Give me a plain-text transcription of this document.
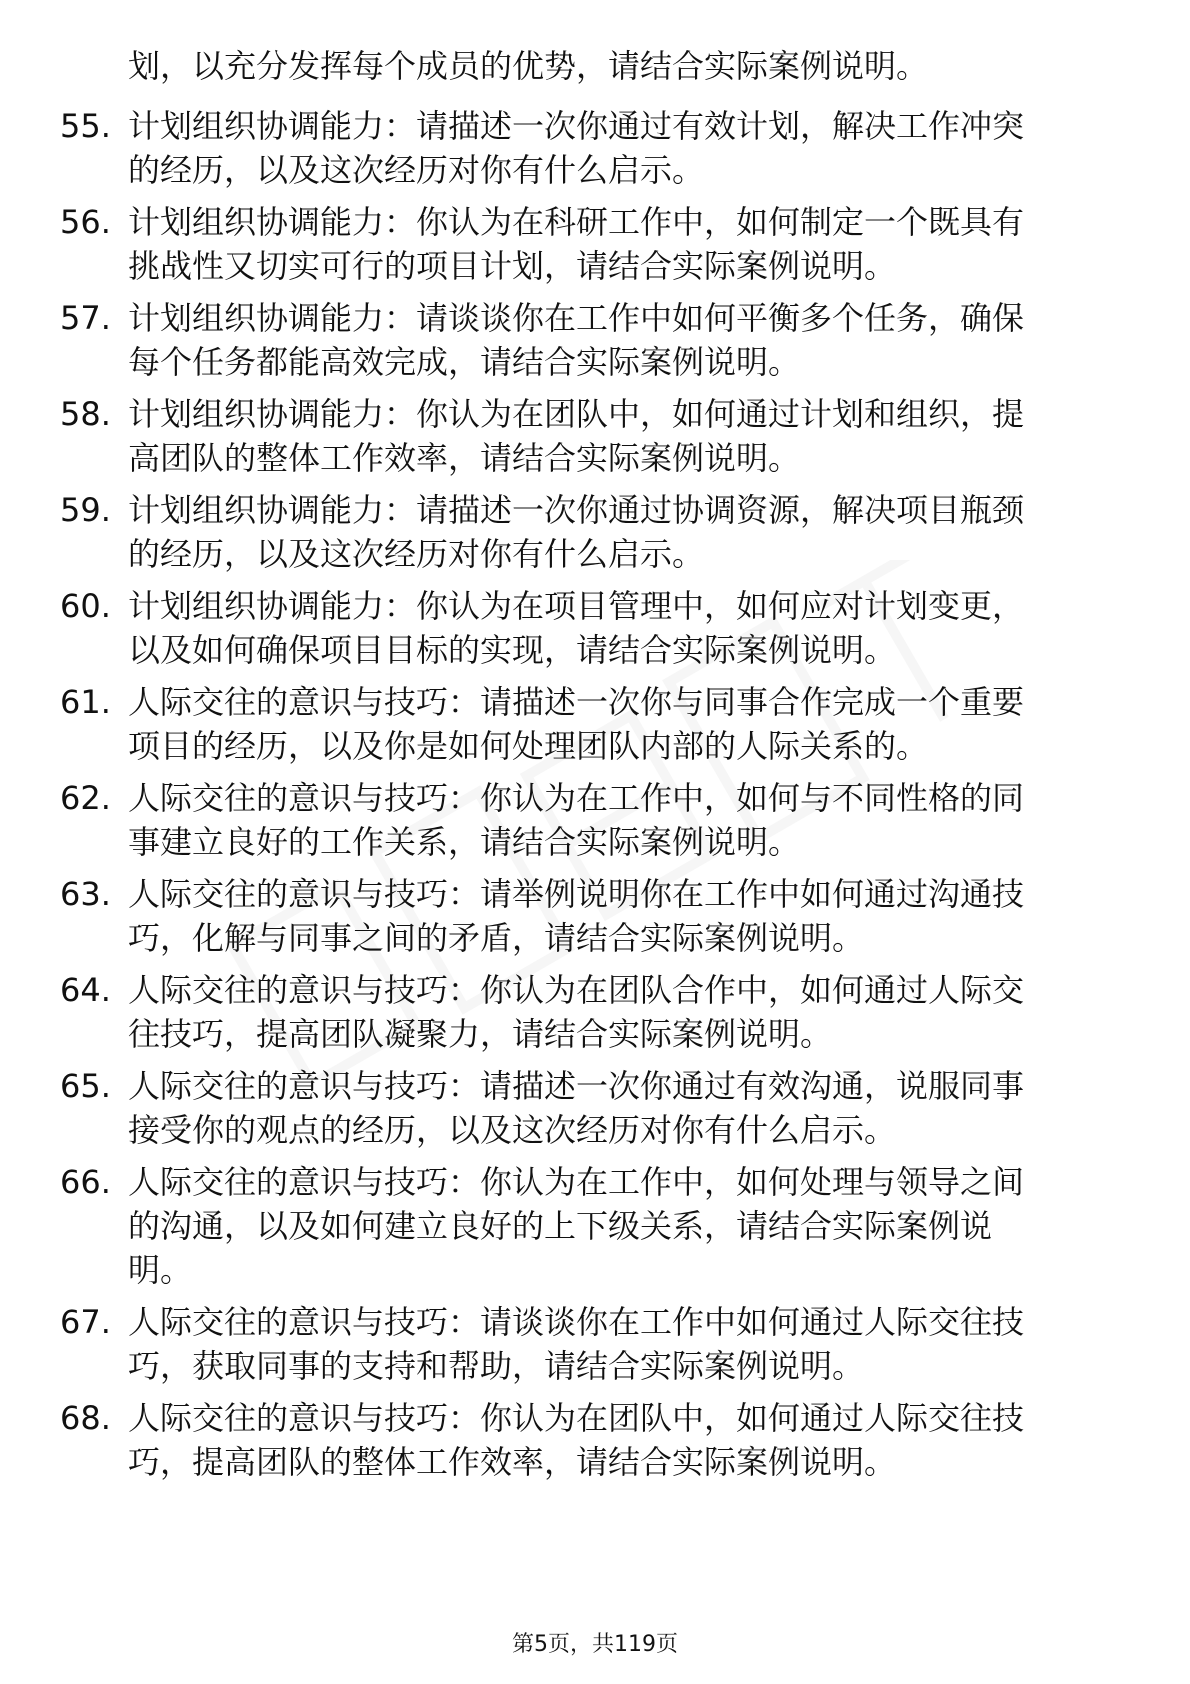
划，以充分发挥每个成员的优势，请结合实际案例说明。
55. 计划组织协调能力：请描述一次你通过有效计划，解决工作冲突
的经历，以及这次经历对你有什么启示。
56. 计划组织协调能力：你认为在科研工作中，如何制定一个既具有
挑战性又切实可行的项目计划，请结合实际案例说明。
57. 计划组织协调能力：请谈谈你在工作中如何平衡多个任务，确保
每个任务都能高效完成，请结合实际案例说明。
58. 计划组织协调能力：你认为在团队中，如何通过计划和组织，提
高团队的整体工作效率，请结合实际案例说明。
59. 计划组织协调能力：请描述一次你通过协调资源，解决项目瓶颈
的经历，以及这次经历对你有什么启示。
60. 计划组织协调能力：你认为在项目管理中，如何应对计划变更，
以及如何确保项目目标的实现，请结合实际案例说明。
61. 人际交往的意识与技巧：请描述一次你与同事合作完成一个重要
项目的经历，以及你是如何处理团队内部的人际关系的。
62. 人际交往的意识与技巧：你认为在工作中，如何与不同性格的同
事建立良好的工作关系，请结合实际案例说明。
63. 人际交往的意识与技巧：请举例说明你在工作中如何通过沟通技
巧，化解与同事之间的矛盾，请结合实际案例说明。
64. 人际交往的意识与技巧：你认为在团队合作中，如何通过人际交
往技巧，提高团队凝聚力，请结合实际案例说明。
65. 人际交往的意识与技巧：请描述一次你通过有效沟通，说服同事
接受你的观点的经历，以及这次经历对你有什么启示。
66. 人际交往的意识与技巧：你认为在工作中，如何处理与领导之间
的沟通，以及如何建立良好的上下级关系，请结合实际案例说
明。
67. 人际交往的意识与技巧：请谈谈你在工作中如何通过人际交往技
巧，获取同事的支持和帮助，请结合实际案例说明。
68. 人际交往的意识与技巧：你认为在团队中，如何通过人际交往技
巧，提高团队的整体工作效率，请结合实际案例说明。
第5页，共119页
